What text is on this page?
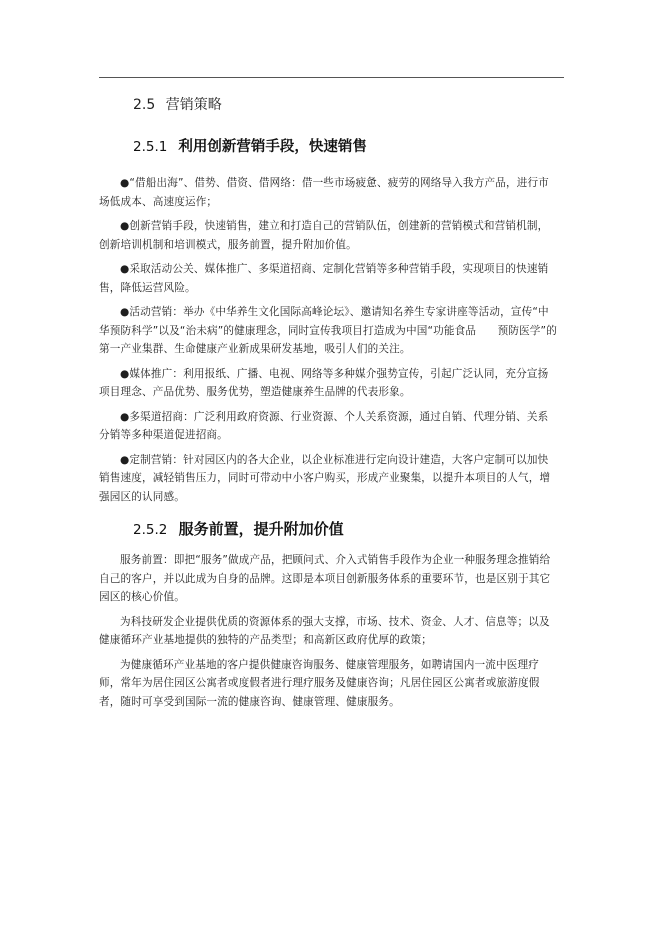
2.5 营销策略
2.5.1 利用创新营销手段，快速销售

●“借船出海”、借势、借资、借网络：借一些市场疲惫、疲劳的网络导入我方产品，进行市场低成本、高速度运作；

●创新营销手段，快速销售，建立和打造自己的营销队伍，创建新的营销模式和营销机制，创新培训机制和培训模式，服务前置，提升附加价值。

●采取活动公关、媒体推广、多渠道招商、定制化营销等多种营销手段，实现项目的快速销售，降低运营风险。

●活动营销：举办《中华养生文化国际高峰论坛》、邀请知名养生专家讲座等活动，宣传“中华预防科学”以及“治未病”的健康理念，同时宣传我项目打造成为中国“功能食品　　预防医学”的第一产业集群、生命健康产业新成果研发基地，吸引人们的关注。

●媒体推广：利用报纸、广播、电视、网络等多种媒介强势宣传，引起广泛认同，充分宣扬项目理念、产品优势、服务优势，塑造健康养生品牌的代表形象。

●多渠道招商：广泛利用政府资源、行业资源、个人关系资源，通过自销、代理分销、关系分销等多种渠道促进招商。

●定制营销：针对园区内的各大企业，以企业标准进行定向设计建造，大客户定制可以加快销售速度，减轻销售压力，同时可带动中小客户购买，形成产业聚集，以提升本项目的人气，增强园区的认同感。

2.5.2 服务前置，提升附加价值

服务前置：即把“服务”做成产品，把顾问式、介入式销售手段作为企业一种服务理念推销给自己的客户，并以此成为自身的品牌。这即是本项目创新服务体系的重要环节，也是区别于其它园区的核心价值。

为科技研发企业提供优质的资源体系的强大支撑，市场、技术、资金、人才、信息等；以及健康循环产业基地提供的独特的产品类型；和高新区政府优厚的政策；

为健康循环产业基地的客户提供健康咨询服务、健康管理服务，如聘请国内一流中医理疗师，常年为居住园区公寓者或度假者进行理疗服务及健康咨询；凡居住园区公寓者或旅游度假者，随时可享受到国际一流的健康咨询、健康管理、健康服务。
